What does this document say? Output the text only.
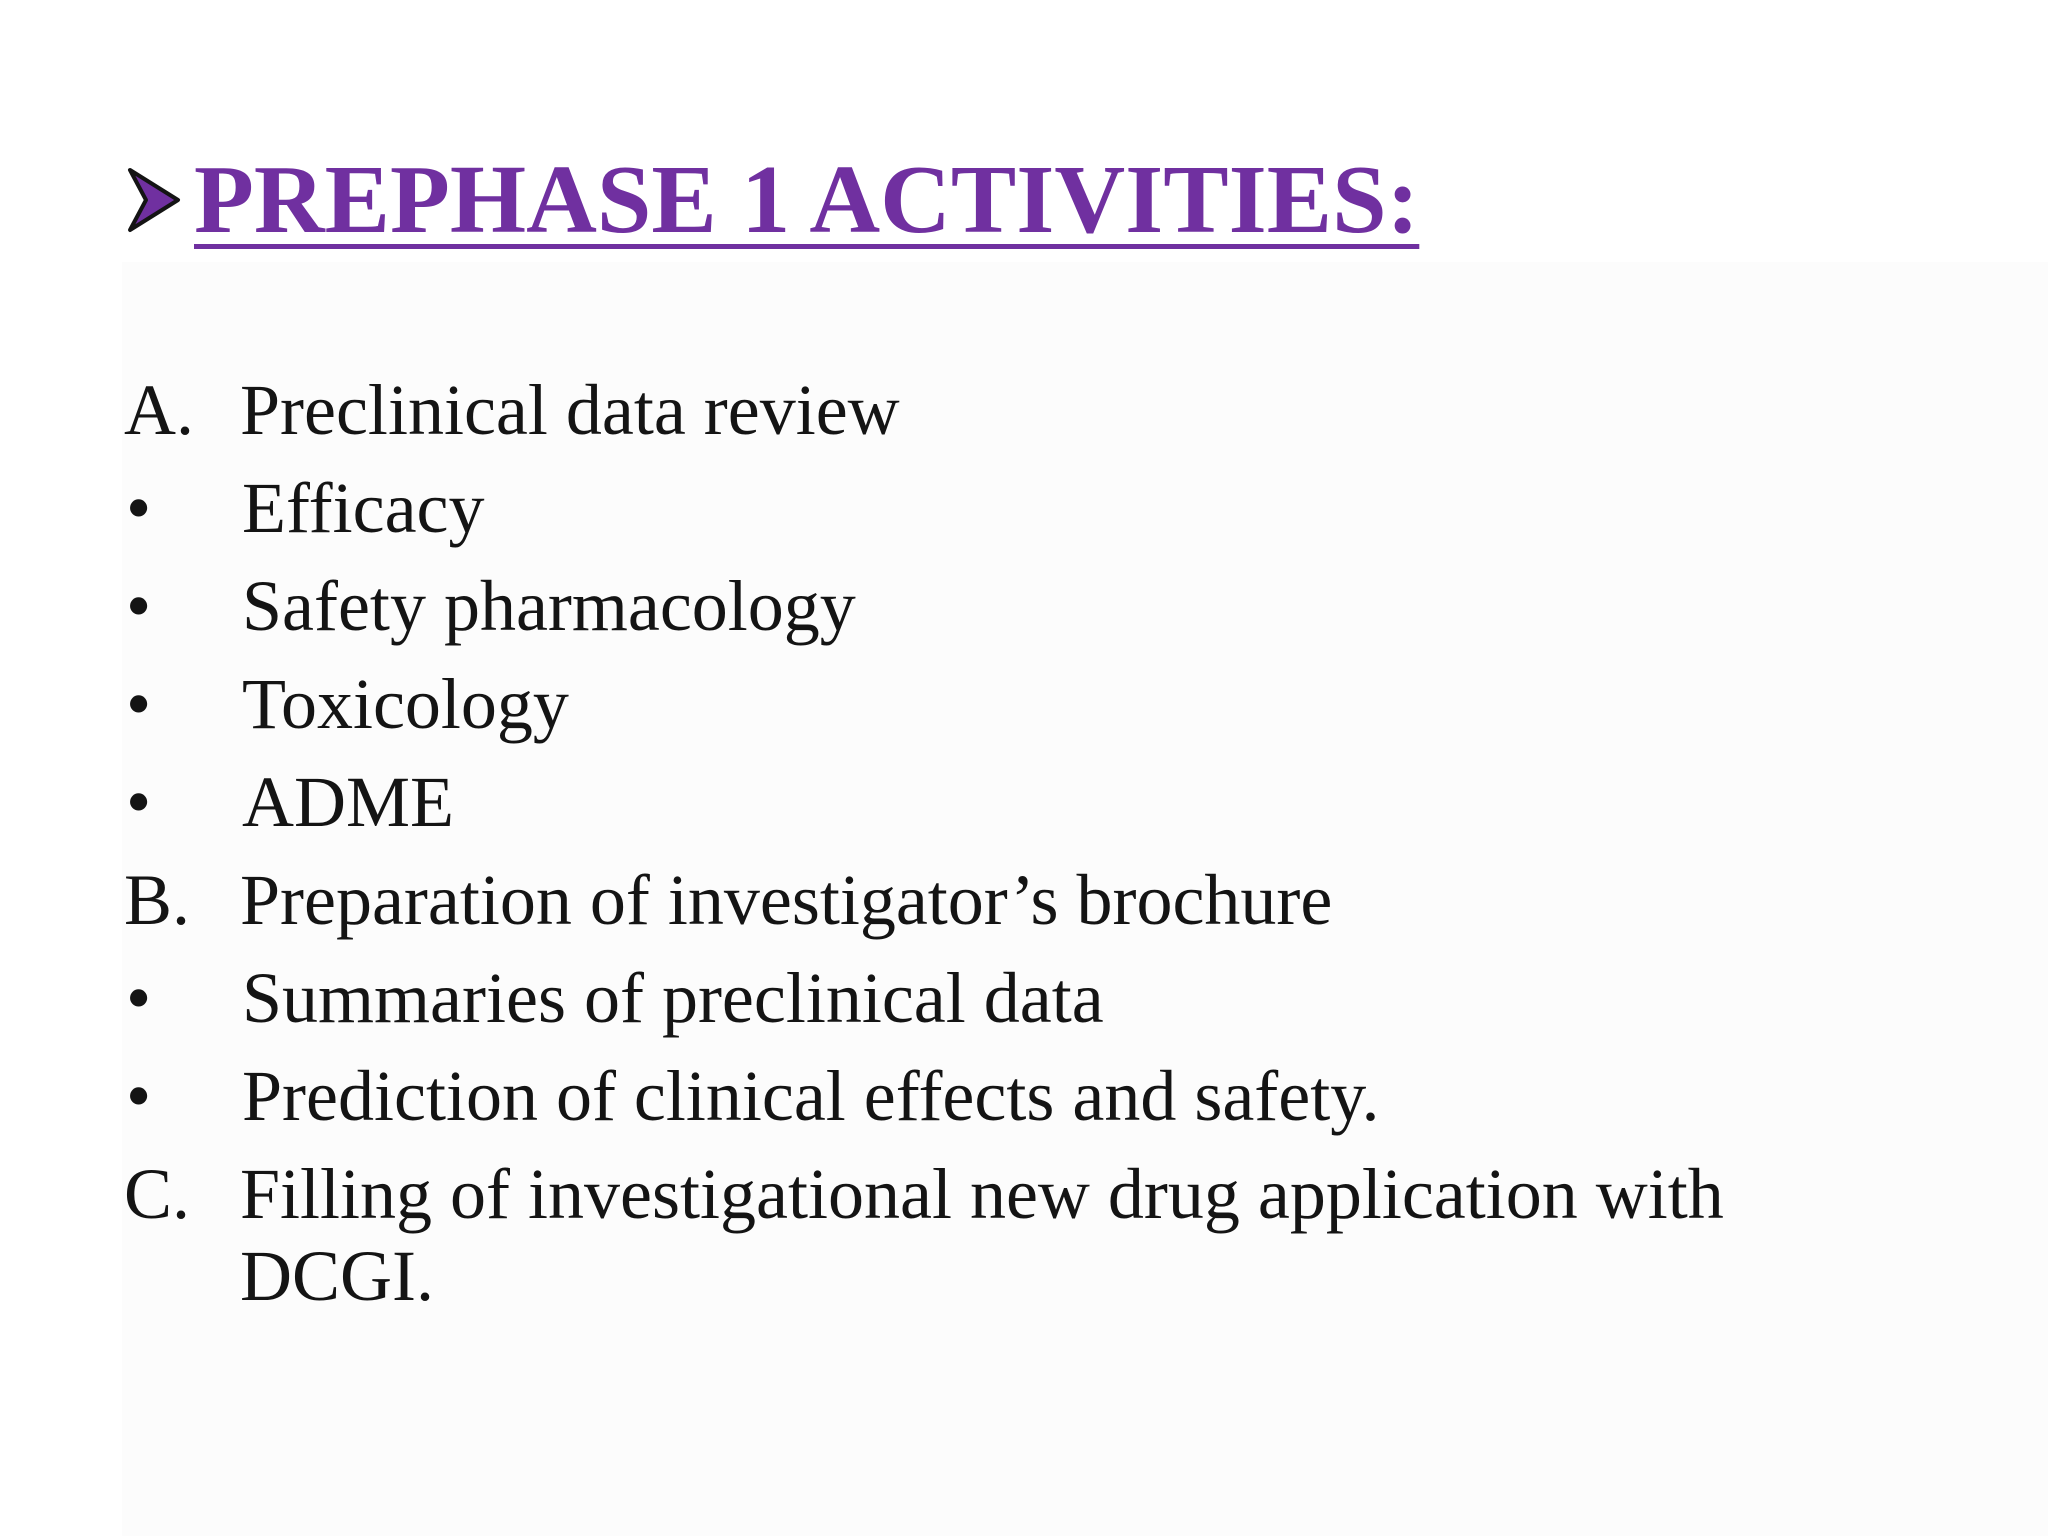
PREPHASE 1 ACTIVITIES:
A. Preclinical data review
•	Efficacy
•	Safety pharmacology
•	Toxicology
•	ADME
B. Preparation of investigator’s brochure
•	Summaries of preclinical data
•	Prediction of clinical effects and safety.
C. Filling of investigational new drug application with DCGI.
